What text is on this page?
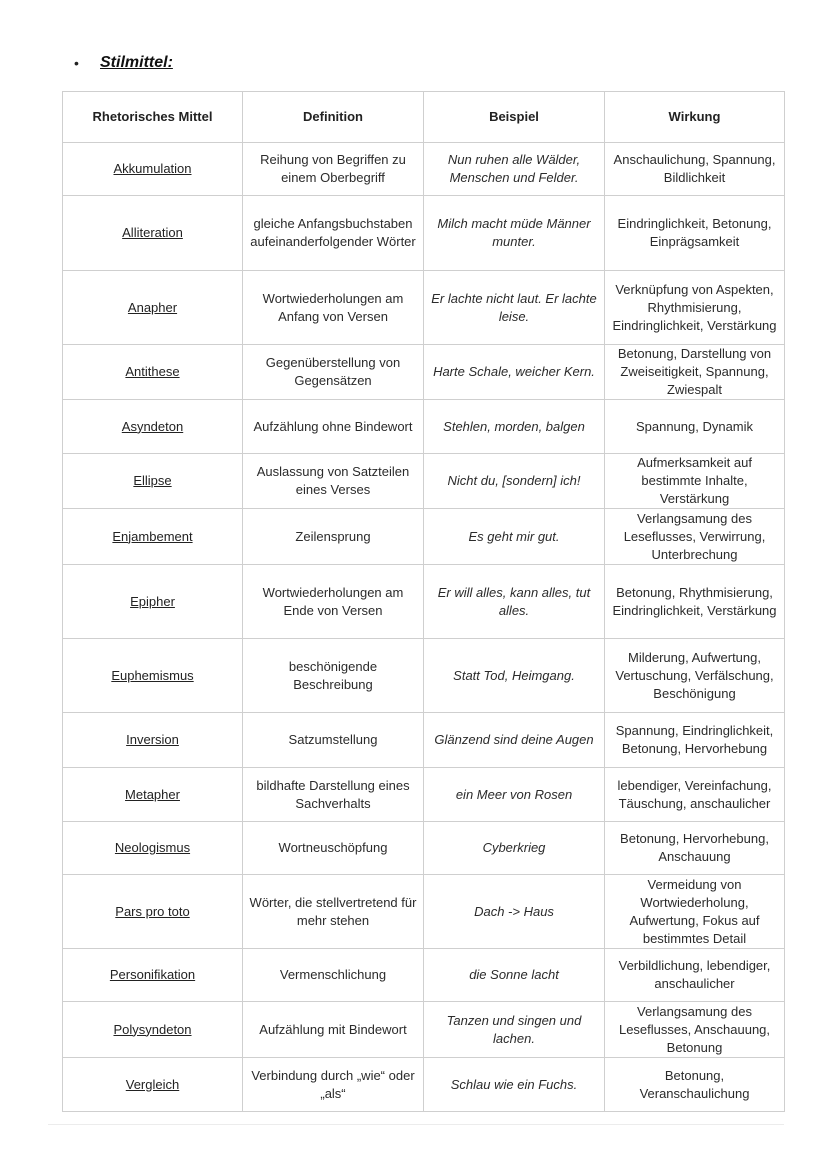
•	Stilmittel:
Rhetorisches Mittel	Definition	Beispiel	Wirkung
Akkumulation	Reihung von Begriffen zu einem Oberbegriff	Nun ruhen alle Wälder, Menschen und Felder.	Anschaulichung, Spannung, Bildlichkeit
Alliteration	gleiche Anfangsbuchstaben aufeinanderfolgender Wörter	Milch macht müde Männer munter.	Eindringlichkeit, Betonung, Einprägsamkeit
Anapher	Wortwiederholungen am Anfang von Versen	Er lachte nicht laut. Er lachte leise.	Verknüpfung von Aspekten, Rhythmisierung, Eindringlichkeit, Verstärkung
Antithese	Gegenüberstellung von Gegensätzen	Harte Schale, weicher Kern.	Betonung, Darstellung von Zweiseitigkeit, Spannung, Zwiespalt
Asyndeton	Aufzählung ohne Bindewort	Stehlen, morden, balgen	Spannung, Dynamik
Ellipse	Auslassung von Satzteilen eines Verses	Nicht du, [sondern] ich!	Aufmerksamkeit auf bestimmte Inhalte, Verstärkung
Enjambement	Zeilensprung	Es geht mir gut.	Verlangsamung des Leseflusses, Verwirrung, Unterbrechung
Epipher	Wortwiederholungen am Ende von Versen	Er will alles, kann alles, tut alles.	Betonung, Rhythmisierung, Eindringlichkeit, Verstärkung
Euphemismus	beschönigende Beschreibung	Statt Tod, Heimgang.	Milderung, Aufwertung, Vertuschung, Verfälschung, Beschönigung
Inversion	Satzumstellung	Glänzend sind deine Augen	Spannung, Eindringlichkeit, Betonung, Hervorhebung
Metapher	bildhafte Darstellung eines Sachverhalts	ein Meer von Rosen	lebendiger, Vereinfachung, Täuschung, anschaulicher
Neologismus	Wortneuschöpfung	Cyberkrieg	Betonung, Hervorhebung, Anschauung
Pars pro toto	Wörter, die stellvertretend für mehr stehen	Dach -> Haus	Vermeidung von Wortwiederholung, Aufwertung, Fokus auf bestimmtes Detail
Personifikation	Vermenschlichung	die Sonne lacht	Verbildlichung, lebendiger, anschaulicher
Polysyndeton	Aufzählung mit Bindewort	Tanzen und singen und lachen.	Verlangsamung des Leseflusses, Anschauung, Betonung
Vergleich	Verbindung durch „wie“ oder „als“	Schlau wie ein Fuchs.	Betonung, Veranschaulichung
